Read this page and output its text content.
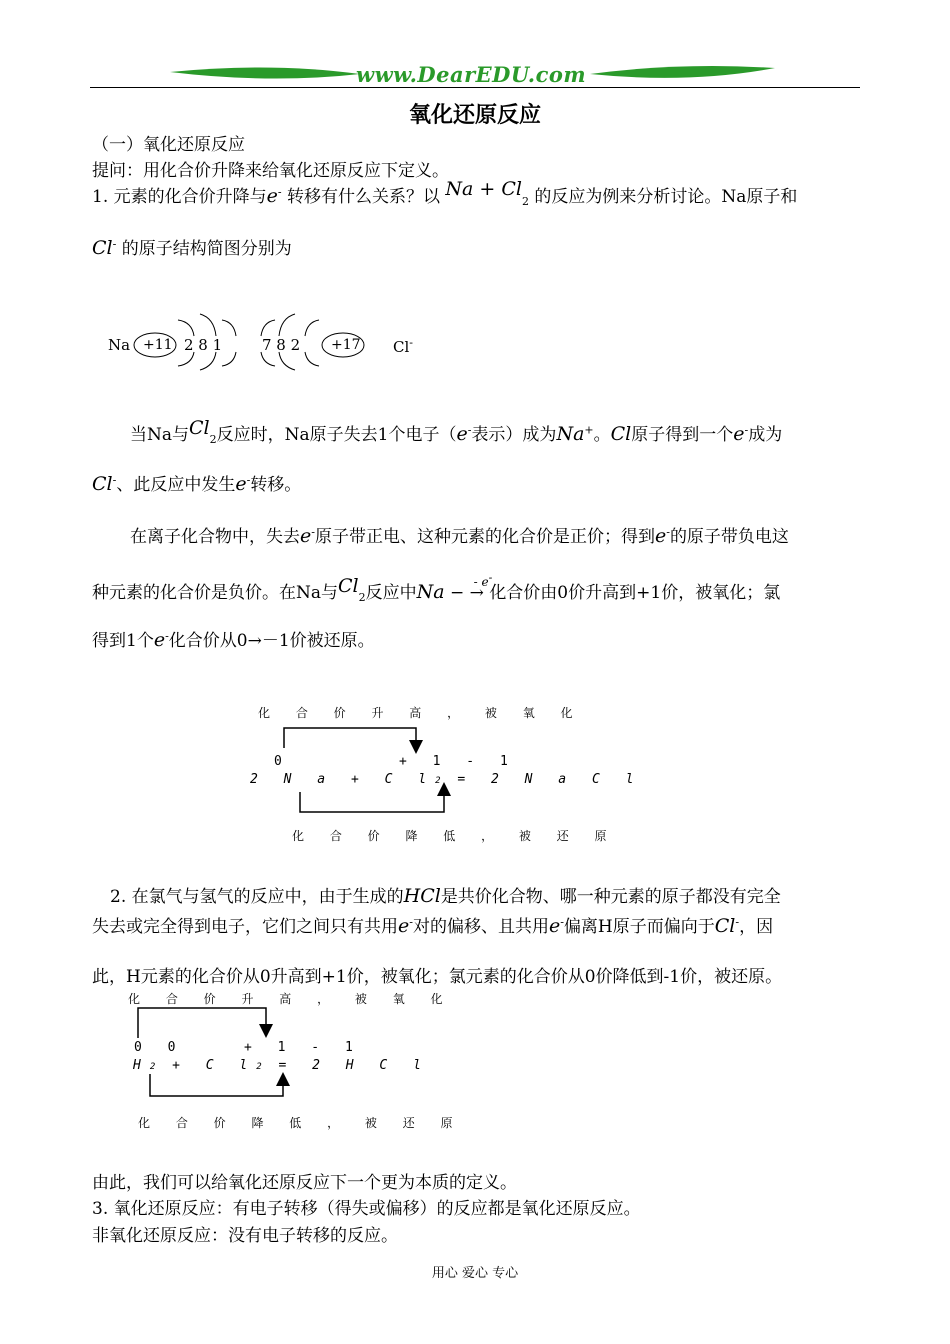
www.DearEDU.com
氧化还原反应
（一）氧化还原反应
提问：用化合价升降来给氧化还原反应下定义。
1. 元素的化合价升降与e- 转移有什么关系？以 $Na + Cl_2$ 的反应为例来分析讨论。Na原子和
Cl- 的原子结构简图分别为
Na +11 2 8 1	7 8 2 +17 Cl-
当Na与$Cl_2$反应时，Na原子失去1个电子（e-表示）成为Na+。Cl原子得到一个e-成为
Cl-、此反应中发生e-转移。
在离子化合物中，失去e-原子带正电、这种元素的化合价是正价；得到e-的原子带负电这
种元素的化合价是负价。在Na与$Cl_2$反应中Na −
- e-
→ 化合价由0价升高到+1价，被氧化；氯
得到1个e-化合价从0→－1价被还原。
化 合 价 升 高 ， 被 氧 化
0	+ 1 - 1
2 N a + C l2 = 2 N a C l
化 合 价 降 低 ， 被 还 原
2. 在氯气与氢气的反应中，由于生成的HCl是共价化合物、哪一种元素的原子都没有完全
失去或完全得到电子，它们之间只有共用e-对的偏移、且共用e-偏离H原子而偏向于Cl-，因
此，H元素的化合价从0升高到+1价，被氧化；氯元素的化合价从0价降低到-1价，被还原。
化 合 价 升 高 ， 被 氧 化
0 0	+ 1 - 1
H2 + C l2 = 2 H C l
化 合 价 降 低 ， 被 还 原
由此，我们可以给氧化还原反应下一个更为本质的定义。
3. 氧化还原反应：有电子转移（得失或偏移）的反应都是氧化还原反应。
非氧化还原反应：没有电子转移的反应。
用心 爱心 专心
